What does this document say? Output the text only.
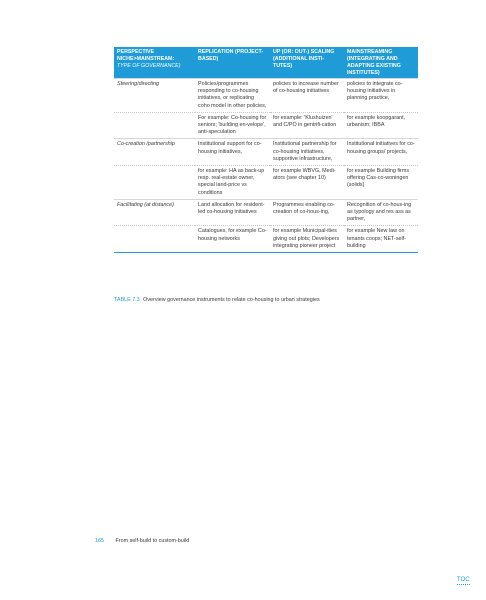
PERSPECTIVE NICHE>MAINSTREAM:
TYPE OF GOVERNANCE)	REPLICATION (PROJECT-BASED)	UP (OR: OUT-) SCALING (ADDITIONAL INSTI-TUTES)	MAINSTREAMING (INTEGRATING AND ADAPTING EXISTING INSTITUTES)
Steering/directing	Policies/programmes responding to co-housing initiatives, or replicating coho model in other policies,	policies to increase number of co-housing initiatives	policies to integrate co-housing initiatives in planning practice,
	For example: Co-housing for seniors; 'building en-velope', anti-speculation	for example: 'Klushuizen' and C/PO in gentrifi-cation	for example koopgarant, urbanism; IBBA
Co-creation /partnership	Institutional support for co-housing initiatives,	Institutional partnership for co-housing initiatives, supportive infrastructure,	Institutional initiatives for co-housing groups/ projects,
	for example: HA as back-up resp. real-estate owner, special land-price vs conditions	for example WBVG, Medi-ators (see chapter 10)	for example Building firms offering Cas-co-woningen (solids)
Facilitating (at distance)	Land allocation for resident-led co-housing initiatives	Programmes enabling co-creation of co-hous-ing,	Recognition of co-hous-ing as typology and res ass as partner,
	Catalogues, for example Co-housing networks	for example Municipal-ities giving out plots; Developers integrating pioneer project	for example New law on tenants coops; NET-self-building
TABLE 7.3 Overview governance instruments to relate co-housing to urban strategies
165 From self-build to custom-build
TOC
